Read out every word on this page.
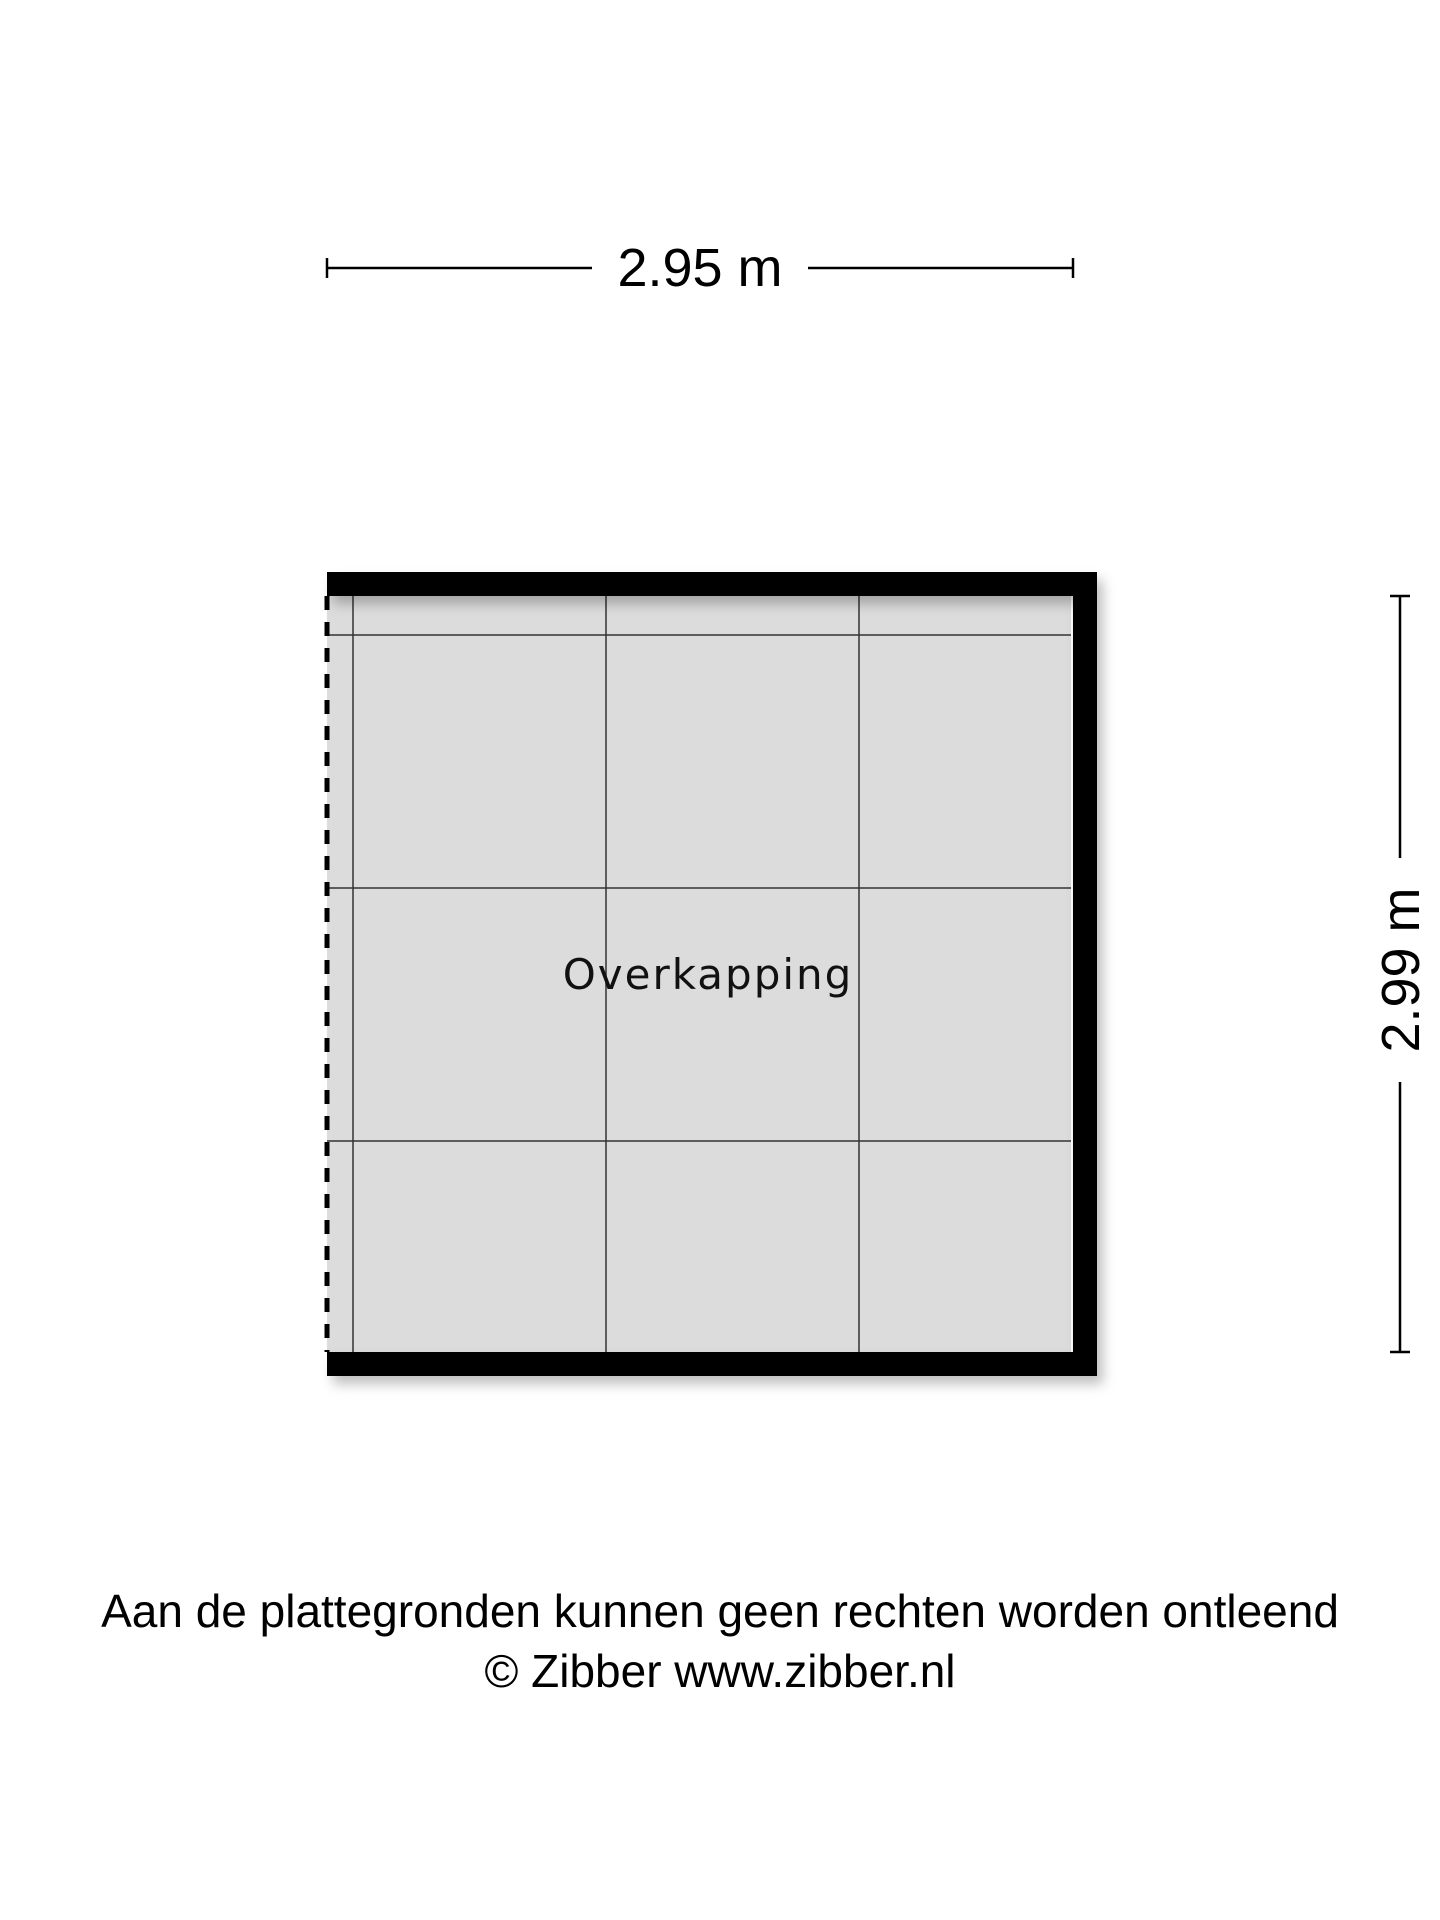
2.95 m
2.99 m
Overkapping
Aan de plattegronden kunnen geen rechten worden ontleend
© Zibber www.zibber.nl
